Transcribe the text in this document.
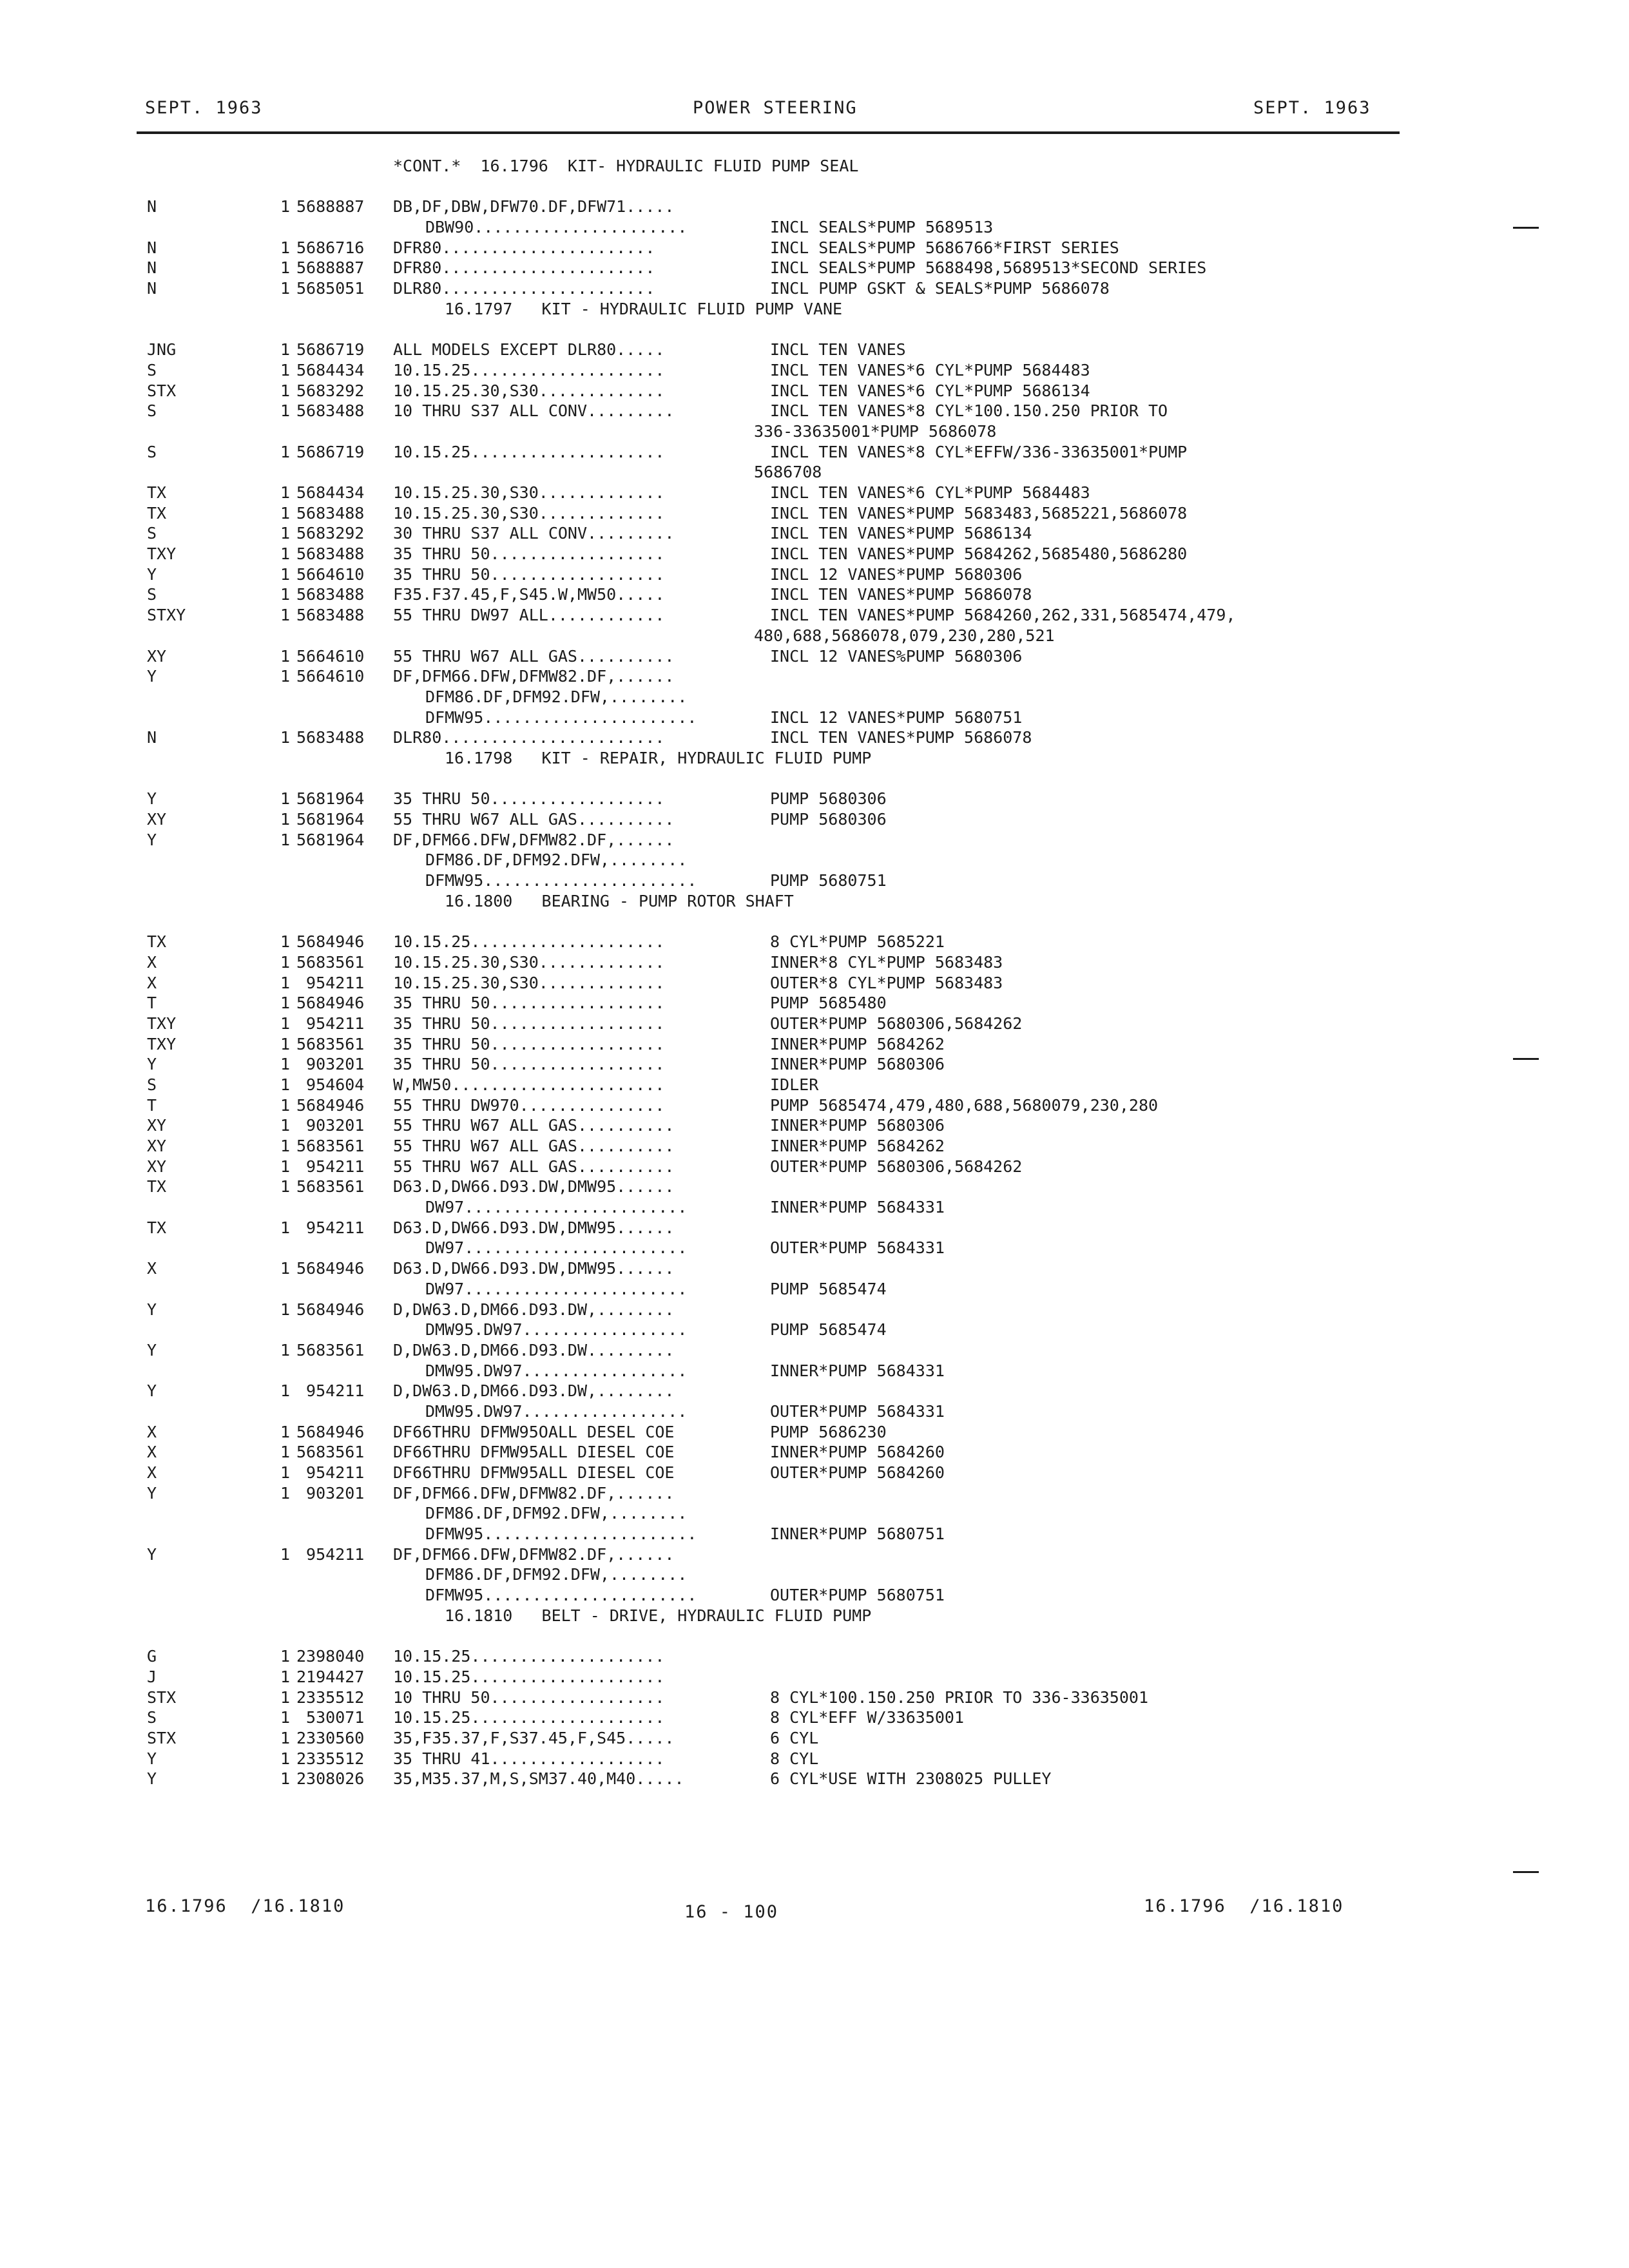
SEPT. 1963	POWER STEERING	SEPT. 1963
*CONT.*  16.1796  KIT- HYDRAULIC FLUID PUMP SEAL
N	1 5688887 DB,DF,DBW,DFW70.DF,DFW71.....
DBW90......................	INCL SEALS*PUMP 5689513
N	1 5686716 DFR80......................	INCL SEALS*PUMP 5686766*FIRST SERIES
N	1 5688887 DFR80......................	INCL SEALS*PUMP 5688498,5689513*SECOND SERIES
N	1 5685051 DLR80......................	INCL PUMP GSKT & SEALS*PUMP 5686078
16.1797   KIT - HYDRAULIC FLUID PUMP VANE
JNG	1 5686719 ALL MODELS EXCEPT DLR80.....	INCL TEN VANES
S	1 5684434 10.15.25....................	INCL TEN VANES*6 CYL*PUMP 5684483
STX	1 5683292 10.15.25.30,S30.............	INCL TEN VANES*6 CYL*PUMP 5686134
S	1 5683488 10 THRU S37 ALL CONV.........	INCL TEN VANES*8 CYL*100.150.250 PRIOR TO
336-33635001*PUMP 5686078
S	1 5686719 10.15.25....................	INCL TEN VANES*8 CYL*EFFW/336-33635001*PUMP
5686708
TX	1 5684434 10.15.25.30,S30.............	INCL TEN VANES*6 CYL*PUMP 5684483
TX	1 5683488 10.15.25.30,S30.............	INCL TEN VANES*PUMP 5683483,5685221,5686078
S	1 5683292 30 THRU S37 ALL CONV.........	INCL TEN VANES*PUMP 5686134
TXY	1 5683488 35 THRU 50..................	INCL TEN VANES*PUMP 5684262,5685480,5686280
Y	1 5664610 35 THRU 50..................	INCL 12 VANES*PUMP 5680306
S	1 5683488 F35.F37.45,F,S45.W,MW50.....	INCL TEN VANES*PUMP 5686078
STXY	1 5683488 55 THRU DW97 ALL............	INCL TEN VANES*PUMP 5684260,262,331,5685474,479,
480,688,5686078,079,230,280,521
XY	1 5664610 55 THRU W67 ALL GAS..........	INCL 12 VANES%PUMP 5680306
Y	1 5664610 DF,DFM66.DFW,DFMW82.DF,......
DFM86.DF,DFM92.DFW,........
DFMW95......................	INCL 12 VANES*PUMP 5680751
N	1 5683488 DLR80.......................	INCL TEN VANES*PUMP 5686078
16.1798   KIT - REPAIR, HYDRAULIC FLUID PUMP
Y	1 5681964 35 THRU 50..................	PUMP 5680306
XY	1 5681964 55 THRU W67 ALL GAS..........	PUMP 5680306
Y	1 5681964 DF,DFM66.DFW,DFMW82.DF,......
DFM86.DF,DFM92.DFW,........
DFMW95......................	PUMP 5680751
16.1800   BEARING - PUMP ROTOR SHAFT
TX	1 5684946 10.15.25....................	8 CYL*PUMP 5685221
X	1 5683561 10.15.25.30,S30.............	INNER*8 CYL*PUMP 5683483
X	1 954211 10.15.25.30,S30.............	OUTER*8 CYL*PUMP 5683483
T	1 5684946 35 THRU 50..................	PUMP 5685480
TXY	1 954211 35 THRU 50..................	OUTER*PUMP 5680306,5684262
TXY	1 5683561 35 THRU 50..................	INNER*PUMP 5684262
Y	1 903201 35 THRU 50..................	INNER*PUMP 5680306
S	1 954604 W,MW50......................	IDLER
T	1 5684946 55 THRU DW970...............	PUMP 5685474,479,480,688,5680079,230,280
XY	1 903201 55 THRU W67 ALL GAS..........	INNER*PUMP 5680306
XY	1 5683561 55 THRU W67 ALL GAS..........	INNER*PUMP 5684262
XY	1 954211 55 THRU W67 ALL GAS..........	OUTER*PUMP 5680306,5684262
TX	1 5683561 D63.D,DW66.D93.DW,DMW95......
DW97.......................	INNER*PUMP 5684331
TX	1 954211 D63.D,DW66.D93.DW,DMW95......
DW97.......................	OUTER*PUMP 5684331
X	1 5684946 D63.D,DW66.D93.DW,DMW95......
DW97.......................	PUMP 5685474
Y	1 5684946 D,DW63.D,DM66.D93.DW,........
DMW95.DW97.................	PUMP 5685474
Y	1 5683561 D,DW63.D,DM66.D93.DW.........
DMW95.DW97.................	INNER*PUMP 5684331
Y	1 954211 D,DW63.D,DM66.D93.DW,........
DMW95.DW97.................	OUTER*PUMP 5684331
X	1 5684946 DF66THRU DFMW95OALL DESEL COE	PUMP 5686230
X	1 5683561 DF66THRU DFMW95ALL DIESEL COE	INNER*PUMP 5684260
X	1 954211 DF66THRU DFMW95ALL DIESEL COE	OUTER*PUMP 5684260
Y	1 903201 DF,DFM66.DFW,DFMW82.DF,......
DFM86.DF,DFM92.DFW,........
DFMW95......................	INNER*PUMP 5680751
Y	1 954211 DF,DFM66.DFW,DFMW82.DF,......
DFM86.DF,DFM92.DFW,........
DFMW95......................	OUTER*PUMP 5680751
16.1810   BELT - DRIVE, HYDRAULIC FLUID PUMP
G	1 2398040 10.15.25....................
J	1 2194427 10.15.25....................
STX	1 2335512 10 THRU 50..................	8 CYL*100.150.250 PRIOR TO 336-33635001
S	1 530071 10.15.25....................	8 CYL*EFF W/33635001
STX	1 2330560 35,F35.37,F,S37.45,F,S45.....	6 CYL
Y	1 2335512 35 THRU 41..................	8 CYL
Y	1 2308026 35,M35.37,M,S,SM37.40,M40.....	6 CYL*USE WITH 2308025 PULLEY
16.1796  /16.1810	16 - 100	16.1796  /16.1810
